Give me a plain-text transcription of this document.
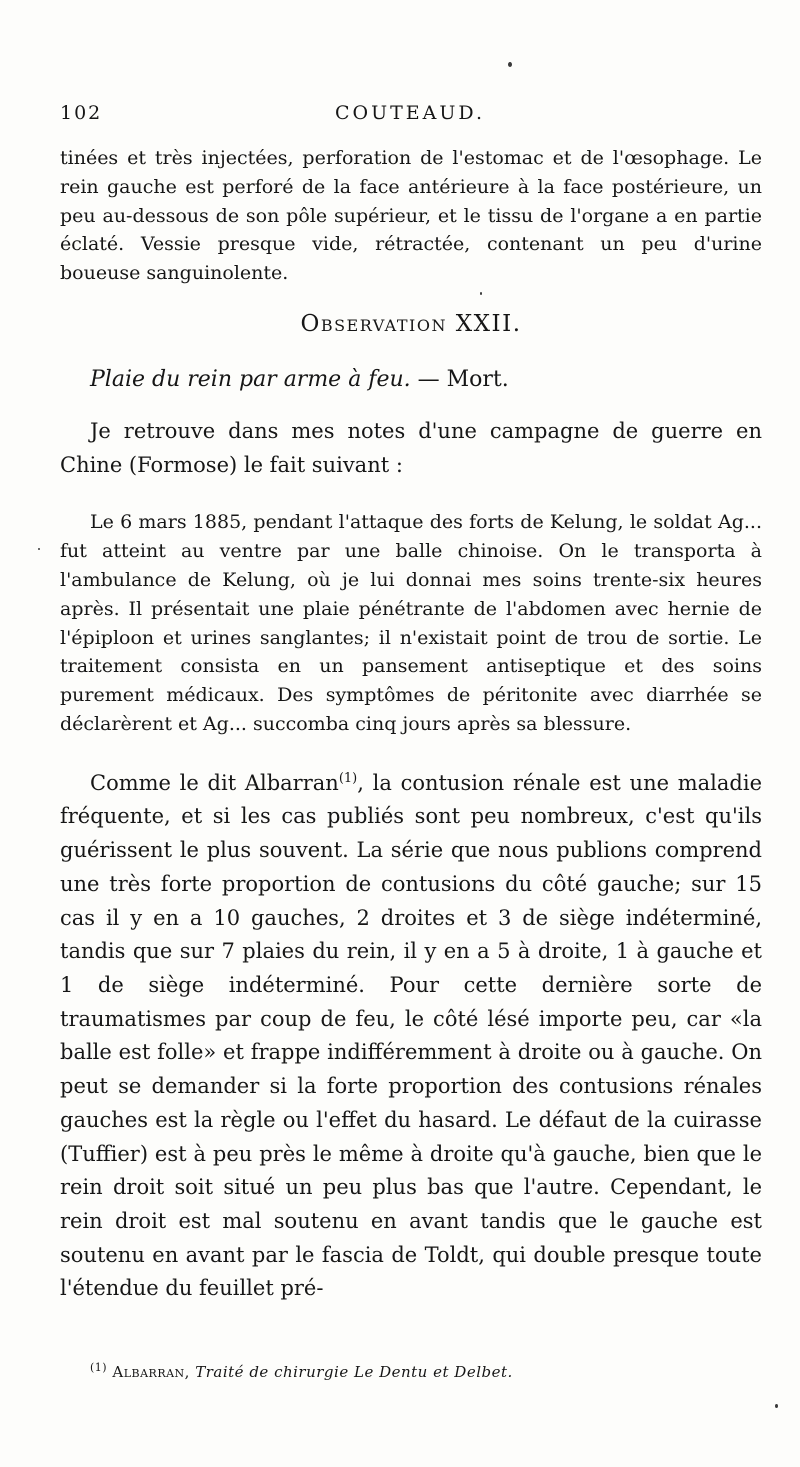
102	COUTEAUD.

tinées et très injectées, perforation de l'estomac et de l'œsophage. Le rein gauche est perforé de la face antérieure à la face postérieure, un peu au-dessous de son pôle supérieur, et le tissu de l'organe a en partie éclaté. Vessie presque vide, rétractée, contenant un peu d'urine boueuse sanguinolente.

Observation XXII.
Plaie du rein par arme à feu. — Mort.

Je retrouve dans mes notes d'une campagne de guerre en Chine (Formose) le fait suivant :

Le 6 mars 1885, pendant l'attaque des forts de Kelung, le soldat Ag... fut atteint au ventre par une balle chinoise. On le transporta à l'ambulance de Kelung, où je lui donnai mes soins trente-six heures après. Il présentait une plaie pénétrante de l'abdomen avec hernie de l'épiploon et urines sanglantes; il n'existait point de trou de sortie. Le traitement consista en un pansement antiseptique et des soins purement médicaux. Des symptômes de péritonite avec diarrhée se déclarèrent et Ag... succomba cinq jours après sa blessure.

Comme le dit Albarran$^{(1)}$, la contusion rénale est une maladie fréquente, et si les cas publiés sont peu nombreux, c'est qu'ils guérissent le plus souvent. La série que nous publions comprend une très forte proportion de contusions du côté gauche; sur 15 cas il y en a 10 gauches, 2 droites et 3 de siège indéterminé, tandis que sur 7 plaies du rein, il y en a 5 à droite, 1 à gauche et 1 de siège indéterminé. Pour cette dernière sorte de traumatismes par coup de feu, le côté lésé importe peu, car «la balle est folle» et frappe indifféremment à droite ou à gauche. On peut se demander si la forte proportion des contusions rénales gauches est la règle ou l'effet du hasard. Le défaut de la cuirasse (Tuffier) est à peu près le même à droite qu'à gauche, bien que le rein droit soit situé un peu plus bas que l'autre. Cependant, le rein droit est mal soutenu en avant tandis que le gauche est soutenu en avant par le fascia de Toldt, qui double presque toute l'étendue du feuillet pré-

$^{(1)}$ Albarran, Traité de chirurgie Le Dentu et Delbet.
